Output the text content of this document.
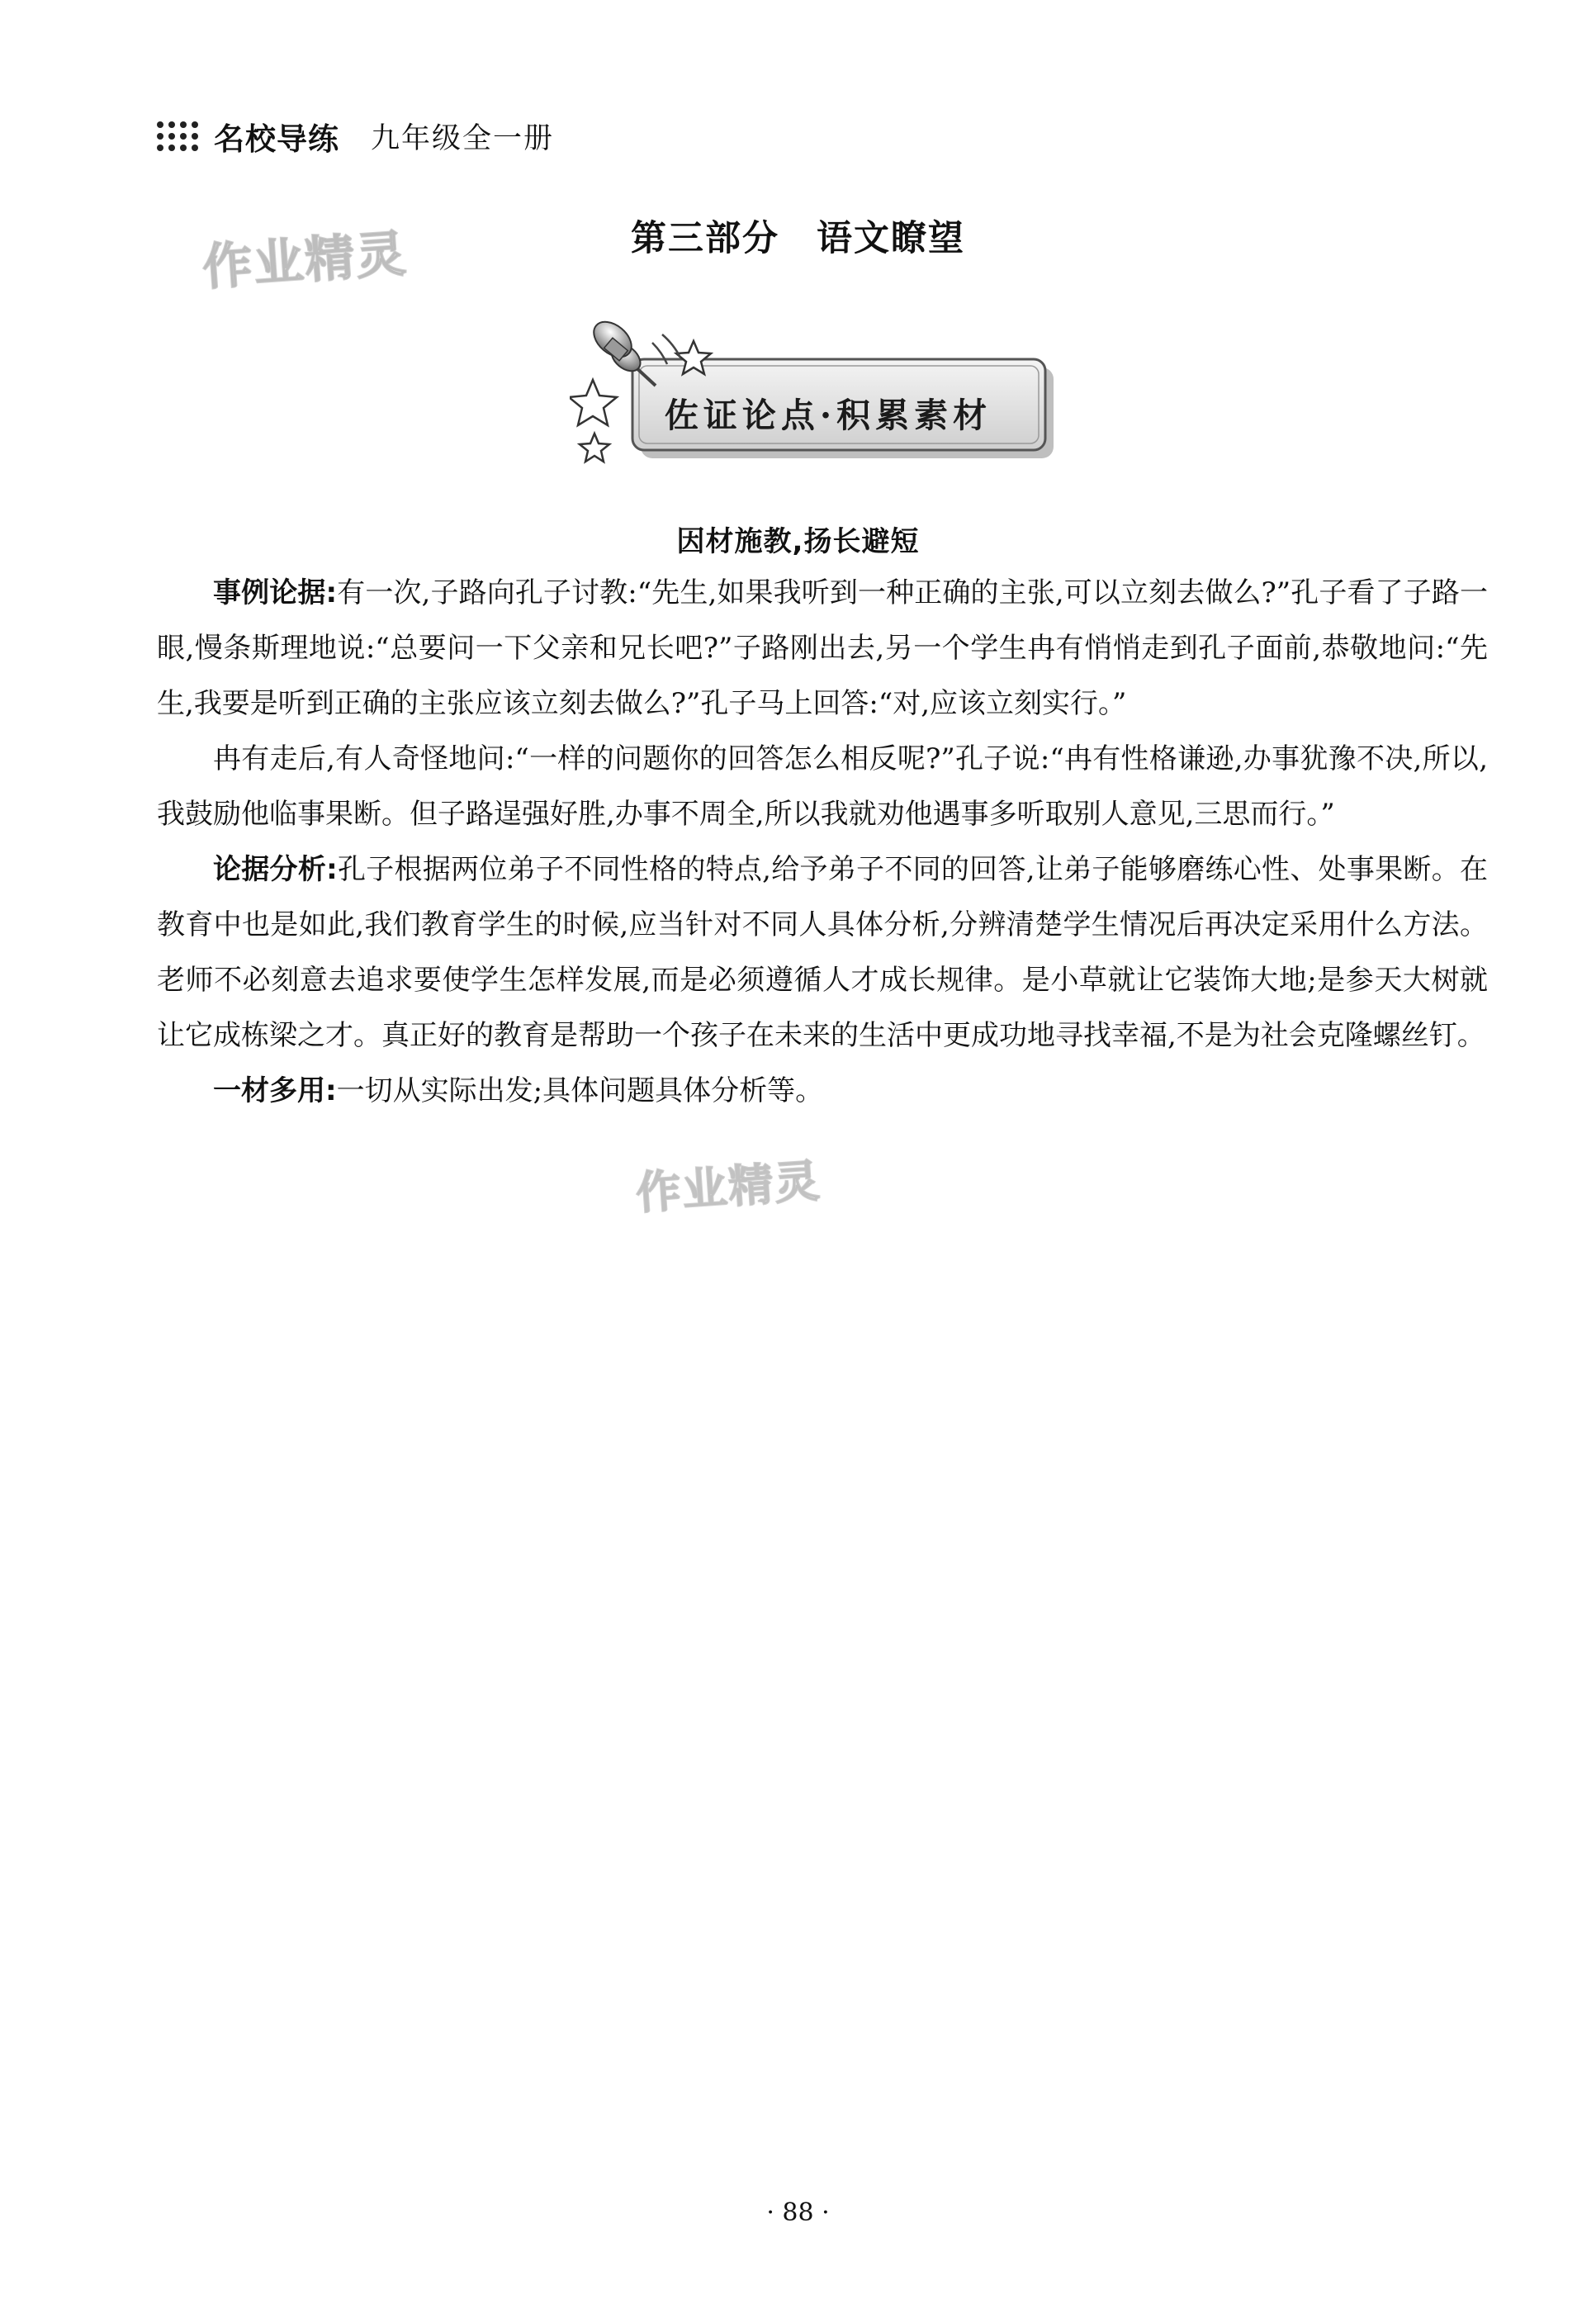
名校导练 九年级全一册
作业精灵	第三部分 语文瞭望
佐证论点·积累素材
因材施教,扬长避短

事例论据:有一次,子路向孔子讨教:“先生,如果我听到一种正确的主张,可以立刻去做么?”孔子看了子路一眼,慢条斯理地说:“总要问一下父亲和兄长吧?”子路刚出去,另一个学生冉有悄悄走到孔子面前,恭敬地问:“先生,我要是听到正确的主张应该立刻去做么?”孔子马上回答:“对,应该立刻实行。”

冉有走后,有人奇怪地问:“一样的问题你的回答怎么相反呢?”孔子说:“冉有性格谦逊,办事犹豫不决,所以,我鼓励他临事果断。但子路逞强好胜,办事不周全,所以我就劝他遇事多听取别人意见,三思而行。”

论据分析:孔子根据两位弟子不同性格的特点,给予弟子不同的回答,让弟子能够磨练心性、处事果断。在教育中也是如此,我们教育学生的时候,应当针对不同人具体分析,分辨清楚学生情况后再决定采用什么方法。老师不必刻意去追求要使学生怎样发展,而是必须遵循人才成长规律。是小草就让它装饰大地;是参天大树就让它成栋梁之才。真正好的教育是帮助一个孩子在未来的生活中更成功地寻找幸福,不是为社会克隆螺丝钉。

一材多用:一切从实际出发;具体问题具体分析等。

作业精灵
· 88 ·
